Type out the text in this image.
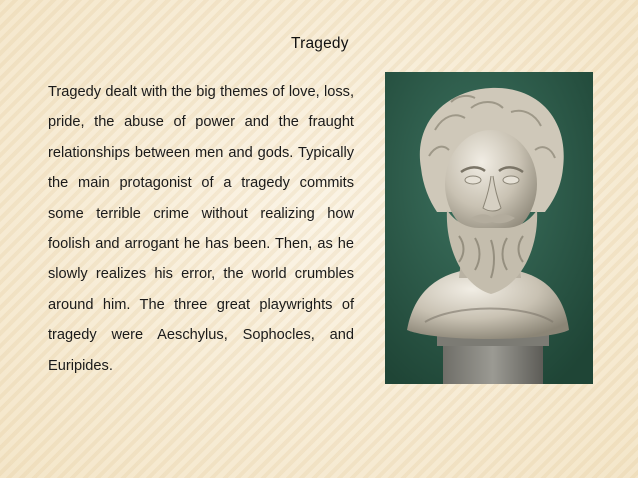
Tragedy

Tragedy dealt with the big themes of love, loss, pride, the abuse of power and the fraught relationships between men and gods. Typically the main protagonist of a tragedy commits some terrible crime without realizing how foolish and arrogant he has been. Then, as he slowly realizes his error, the world crumbles around him. The three great playwrights of tragedy were Aeschylus, Sophocles, and Euripides.
